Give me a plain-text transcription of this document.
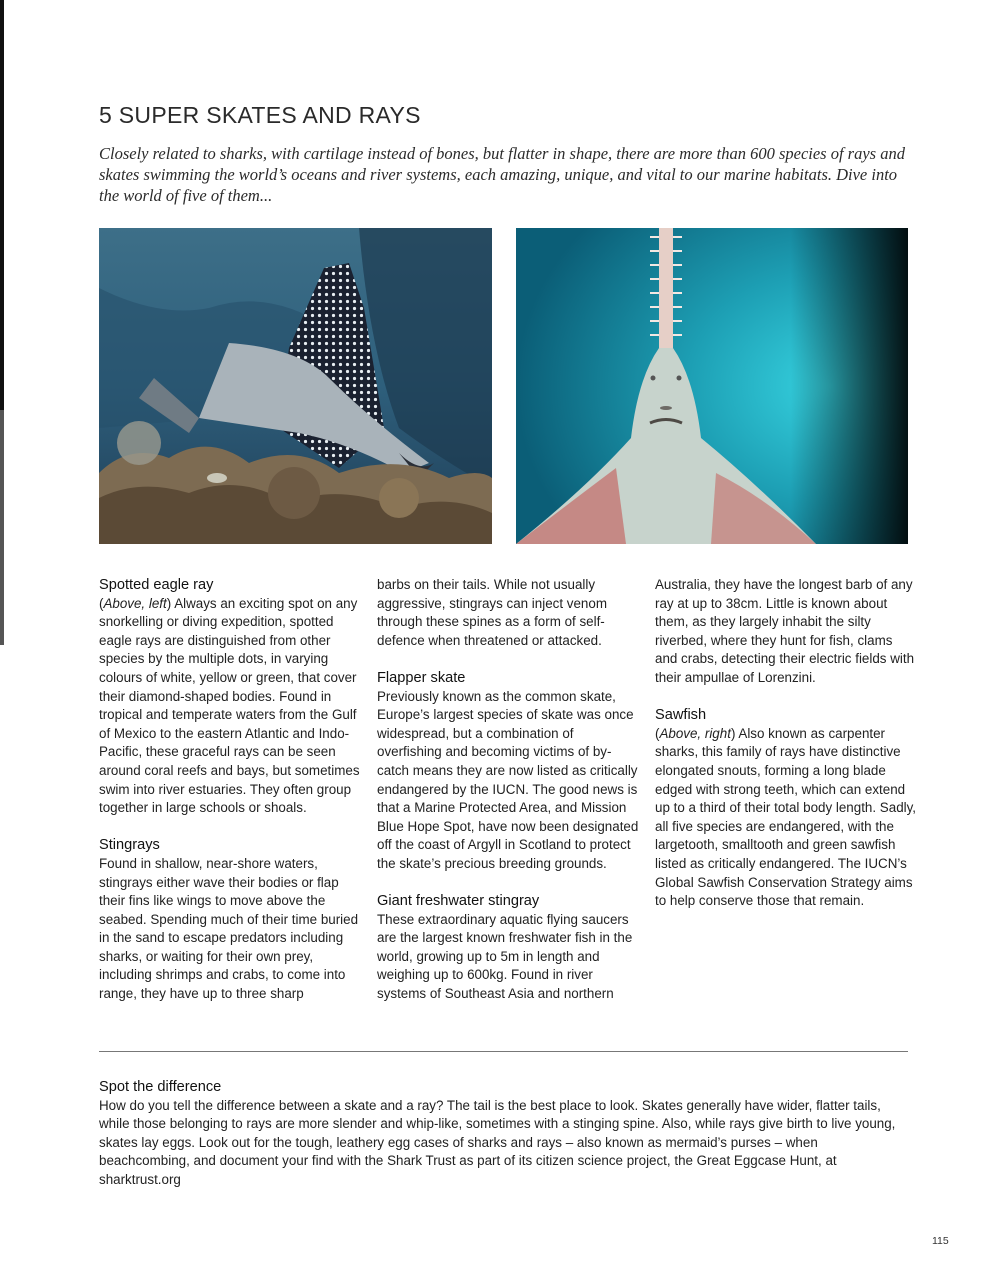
5 SUPER SKATES AND RAYS

Closely related to sharks, with cartilage instead of bones, but flatter in shape, there are more than 600 species of rays and skates swimming the world’s oceans and river systems, each amazing, unique, and vital to our marine habitats. Dive into the world of five of them...

Spotted eagle ray

(Above, left) Always an exciting spot on any snorkelling or diving expedition, spotted eagle rays are distinguished from other species by the multiple dots, in varying colours of white, yellow or green, that cover their diamond-shaped bodies. Found in tropical and temperate waters from the Gulf of Mexico to the eastern Atlantic and Indo-Pacific, these graceful rays can be seen around coral reefs and bays, but sometimes swim into river estuaries. They often group together in large schools or shoals.

Stingrays

Found in shallow, near-shore waters, stingrays either wave their bodies or flap their fins like wings to move above the seabed. Spending much of their time buried in the sand to escape predators including sharks, or waiting for their own prey, including shrimps and crabs, to come into range, they have up to three sharp

barbs on their tails. While not usually aggressive, stingrays can inject venom through these spines as a form of self-defence when threatened or attacked.

Flapper skate

Previously known as the common skate, Europe’s largest species of skate was once widespread, but a combination of overfishing and becoming victims of by-catch means they are now listed as critically endangered by the IUCN. The good news is that a Marine Protected Area, and Mission Blue Hope Spot, have now been designated off the coast of Argyll in Scotland to protect the skate’s precious breeding grounds.

Giant freshwater stingray

These extraordinary aquatic flying saucers are the largest known freshwater fish in the world, growing up to 5m in length and weighing up to 600kg. Found in river systems of Southeast Asia and northern

Australia, they have the longest barb of any ray at up to 38cm. Little is known about them, as they largely inhabit the silty riverbed, where they hunt for fish, clams and crabs, detecting their electric fields with their ampullae of Lorenzini.

Sawfish

(Above, right) Also known as carpenter sharks, this family of rays have distinctive elongated snouts, forming a long blade edged with strong teeth, which can extend up to a third of their total body length. Sadly, all five species are endangered, with the largetooth, smalltooth and green sawfish listed as critically endangered. The IUCN’s Global Sawfish Conservation Strategy aims to help conserve those that remain.

Spot the difference

How do you tell the difference between a skate and a ray? The tail is the best place to look. Skates generally have wider, flatter tails, while those belonging to rays are more slender and whip-like, sometimes with a stinging spine. Also, while rays give birth to live young, skates lay eggs. Look out for the tough, leathery egg cases of sharks and rays – also known as mermaid’s purses – when beachcombing, and document your find with the Shark Trust as part of its citizen science project, the Great Eggcase Hunt, at sharktrust.org

115
